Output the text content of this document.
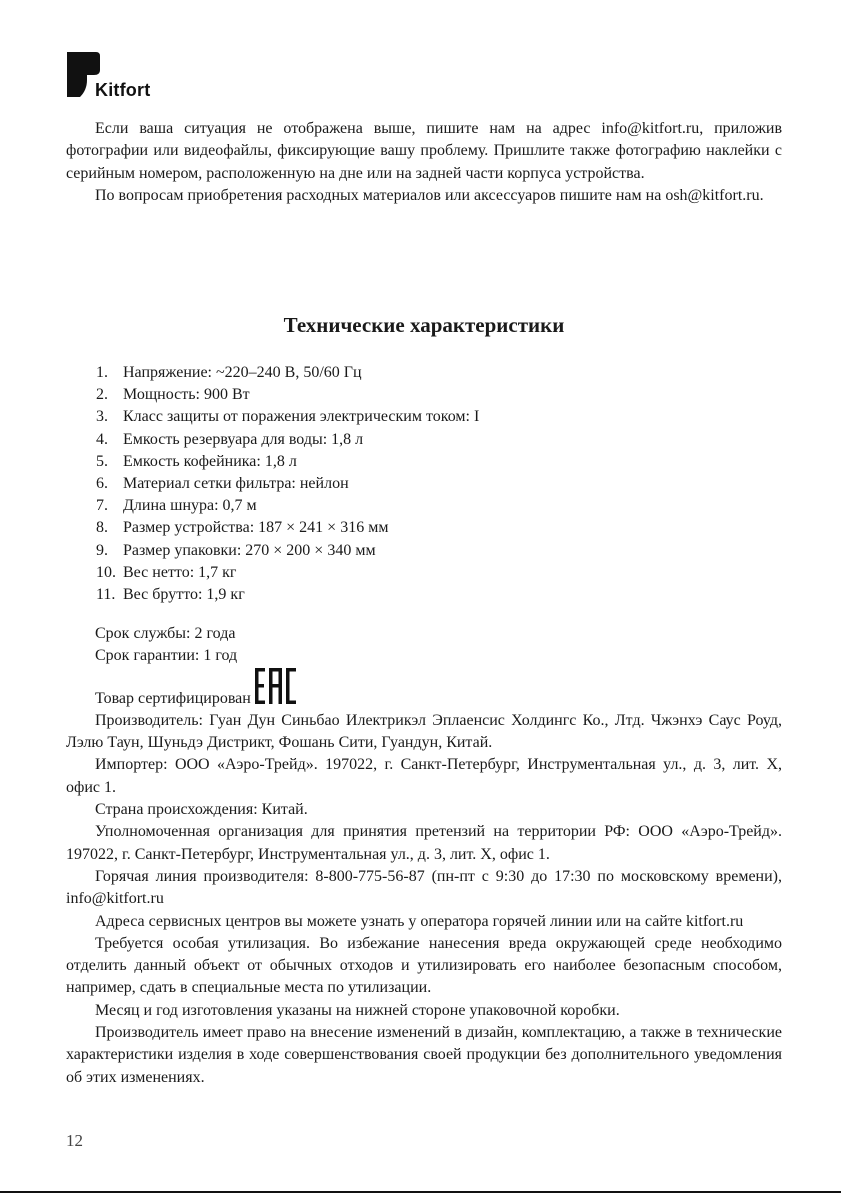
Kitfort

Если ваша ситуация не отображена выше, пишите нам на адрес info@kitfort.ru, приложив фотографии или видеофайлы, фиксирующие вашу проблему. Пришлите также фотографию наклейки с серийным номером, расположенную на дне или на задней части корпуса устройства.

По вопросам приобретения расходных материалов или аксессуаров пишите нам на osh@kitfort.ru.

Технические характеристики
1. Напряжение: ~220–240 В, 50/60 Гц
2. Мощность: 900 Вт
3. Класс защиты от поражения электрическим током: I
4. Емкость резервуара для воды: 1,8 л
5. Емкость кофейника: 1,8 л
6. Материал сетки фильтра: нейлон
7. Длина шнура: 0,7 м
8. Размер устройства: 187 × 241 × 316 мм
9. Размер упаковки: 270 × 200 × 340 мм
10. Вес нетто: 1,7 кг
11. Вес брутто: 1,9 кг

Срок службы: 2 года

Срок гарантии: 1 год

Товар сертифицирован

Производитель: Гуан Дун Синьбао Илектрикэл Эплаенсис Холдингс Ко., Лтд. Чжэнхэ Саус Роуд, Лэлю Таун, Шуньдэ Дистрикт, Фошань Сити, Гуандун, Китай.

Импортер: ООО «Аэро-Трейд». 197022, г. Санкт-Петербург, Инструментальная ул., д. 3, лит. Х, офис 1.

Страна происхождения: Китай.

Уполномоченная организация для принятия претензий на территории РФ: ООО «Аэро-Трейд». 197022, г. Санкт-Петербург, Инструментальная ул., д. 3, лит. Х, офис 1.

Горячая линия производителя: 8-800-775-56-87 (пн-пт с 9:30 до 17:30 по московскому времени), info@kitfort.ru

Адреса сервисных центров вы можете узнать у оператора горячей линии или на сайте kitfort.ru

Требуется особая утилизация. Во избежание нанесения вреда окружающей среде необходимо отделить данный объект от обычных отходов и утилизировать его наиболее безопасным способом, например, сдать в специальные места по утилизации.

Месяц и год изготовления указаны на нижней стороне упаковочной коробки.

Производитель имеет право на внесение изменений в дизайн, комплектацию, а также в технические характеристики изделия в ходе совершенствования своей продукции без дополнительного уведомления об этих изменениях.

12
